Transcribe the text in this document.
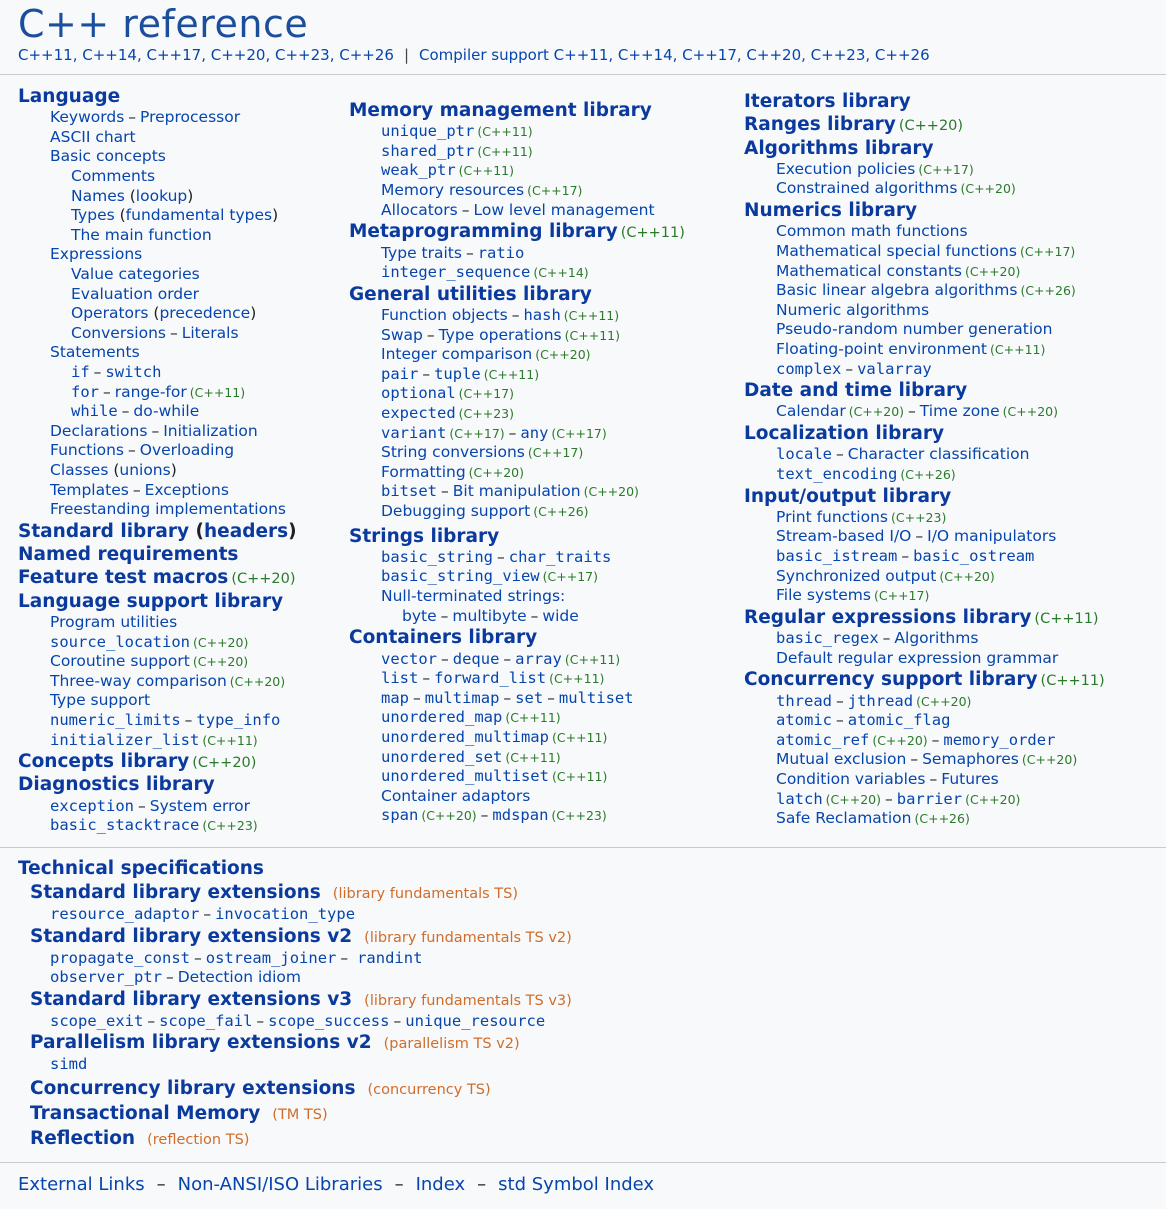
C++ reference
C++11, C++14, C++17, C++20, C++23, C++26 | Compiler support C++11, C++14, C++17, C++20, C++23, C++26
Language
Keywords – Preprocessor
ASCII chart
Basic concepts
Comments
Names (lookup)
Types (fundamental types)
The main function
Expressions
Value categories
Evaluation order
Operators (precedence)
Conversions – Literals
Statements
if – switch
for – range-for (C++11)
while – do-while
Declarations – Initialization
Functions – Overloading
Classes (unions)
Templates – Exceptions
Freestanding implementations
Standard library (headers)
Named requirements
Feature test macros (C++20)
Language support library
Program utilities
source_location (C++20)
Coroutine support (C++20)
Three-way comparison (C++20)
Type support
numeric_limits – type_info
initializer_list (C++11)
Concepts library (C++20)
Diagnostics library
exception – System error
basic_stacktrace (C++23)
Memory management library
unique_ptr (C++11)
shared_ptr (C++11)
weak_ptr (C++11)
Memory resources (C++17)
Allocators – Low level management
Metaprogramming library (C++11)
Type traits – ratio
integer_sequence (C++14)
General utilities library
Function objects – hash (C++11)
Swap – Type operations (C++11)
Integer comparison (C++20)
pair – tuple (C++11)
optional (C++17)
expected (C++23)
variant (C++17) – any (C++17)
String conversions (C++17)
Formatting (C++20)
bitset – Bit manipulation (C++20)
Debugging support (C++26)
Strings library
basic_string – char_traits
basic_string_view (C++17)
Null-terminated strings:
byte – multibyte – wide
Containers library
vector – deque – array (C++11)
list – forward_list (C++11)
map – multimap – set – multiset
unordered_map (C++11)
unordered_multimap (C++11)
unordered_set (C++11)
unordered_multiset (C++11)
Container adaptors
span (C++20) – mdspan (C++23)
Iterators library
Ranges library (C++20)
Algorithms library
Execution policies (C++17)
Constrained algorithms (C++20)
Numerics library
Common math functions
Mathematical special functions (C++17)
Mathematical constants (C++20)
Basic linear algebra algorithms (C++26)
Numeric algorithms
Pseudo-random number generation
Floating-point environment (C++11)
complex – valarray
Date and time library
Calendar (C++20) – Time zone (C++20)
Localization library
locale – Character classification
text_encoding (C++26)
Input/output library
Print functions (C++23)
Stream-based I/O – I/O manipulators
basic_istream – basic_ostream
Synchronized output (C++20)
File systems (C++17)
Regular expressions library (C++11)
basic_regex – Algorithms
Default regular expression grammar
Concurrency support library (C++11)
thread – jthread (C++20)
atomic – atomic_flag
atomic_ref (C++20) – memory_order
Mutual exclusion – Semaphores (C++20)
Condition variables – Futures
latch (C++20) – barrier (C++20)
Safe Reclamation (C++26)
Technical specifications
Standard library extensions (library fundamentals TS)
resource_adaptor – invocation_type
Standard library extensions v2 (library fundamentals TS v2)
propagate_const – ostream_joiner – randint
observer_ptr – Detection idiom
Standard library extensions v3 (library fundamentals TS v3)
scope_exit – scope_fail – scope_success – unique_resource
Parallelism library extensions v2 (parallelism TS v2)
simd
Concurrency library extensions (concurrency TS)
Transactional Memory (TM TS)
Reflection (reflection TS)
External Links – Non-ANSI/ISO Libraries – Index – std Symbol Index
